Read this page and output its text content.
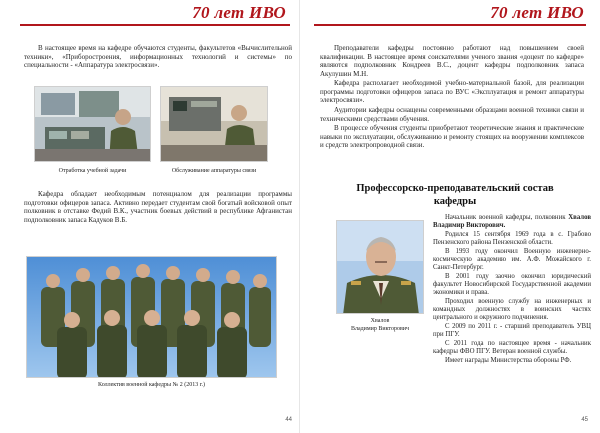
70 лет ИВО
В настоящее время на кафедре обучаются студенты, факультетов «Вычислительной техники», «Приборостроения, информационных технологий и системы» по специальности - «Аппаратура электросвязи».
Отработка учебной задачи	Обслуживание аппаратуры связи
Кафедра обладает необходимым потенциалом для реализации программы подготовки офицеров запаса. Активно передает студентам свой богатый войсковой опыт полковник в отставке Федий В.К., участник боевых действий в республике Афганистан подполковник запаса Кадуков В.Б.
Коллектив военной кафедры № 2 (2013 г.)
44
70 лет ИВО
Преподаватели кафедры постоянно работают над повышением своей квалификации. В настоящее время соискателями ученого звания «доцент по кафедре» являются подполковник Кондреев В.С., доцент кафедры подполковник запаса Акулушин М.Н.
Кафедра располагает необходимой учебно-материальной базой, для реализации программы подготовки офицеров запаса по ВУС «Эксплуатация и ремонт аппаратуры электросвязи».
Аудитории кафедры оснащены современными образцами военной техники связи и техническими средствами обучения.
В процессе обучения студенты приобретают теоретические знания и практические навыки по эксплуатации, обслуживанию и ремонту стоящих на вооружении комплексов и средств электропроводной связи.
Профессорско-преподавательский состав кафедры
Хвалов
Владимир Викторович

Начальник военной кафедры, полковник Хвалов Владимир Викторович.

Родился 15 сентября 1969 года в с. Грабово Пензенского района Пензенской области.

В 1993 году окончил Военную инженерно-космическую академию им. А.Ф. Можайского г. Санкт-Петербург.

В 2001 году заочно окончил юридический факультет Новосибирской Государственной академии экономики и права.

Проходил военную службу на инженерных и командных должностях в воинских частях центрального и окружного подчинения.

С 2009 по 2011 г. - старший преподаватель УВЦ при ПГУ.

С 2011 года по настоящее время - начальник кафедры ФВО ПГУ. Ветеран военной службы.

Имеет награды Министерства обороны РФ.

45
